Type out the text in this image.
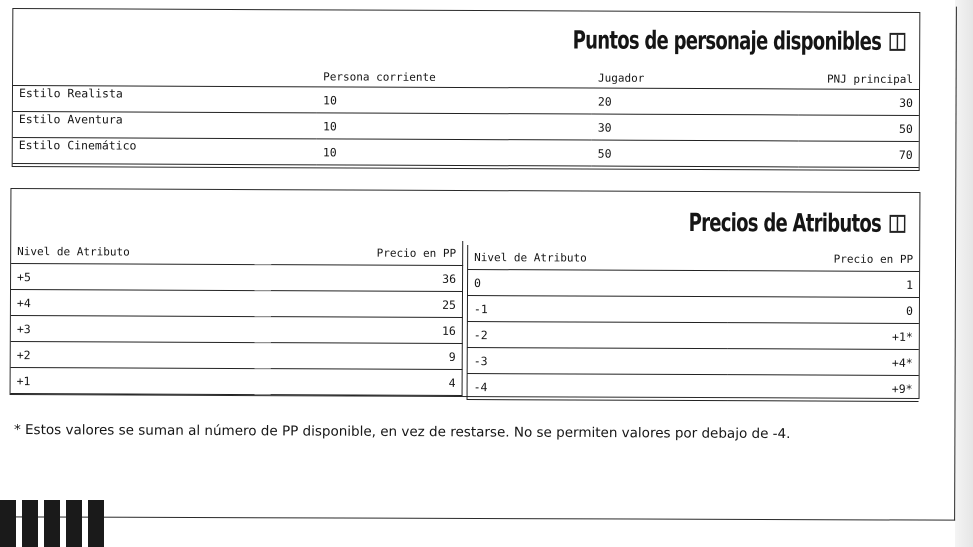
Puntos de personaje disponibles
	Persona corriente	Jugador	PNJ principal
Estilo Realista	10	20	30
Estilo Aventura	10	30	50
Estilo Cinemático	10	50	70
Precios de Atributos
Nivel de Atributo	Precio en PP
+5	36
+4	25
+3	16
+2	9
+1	4
Nivel de Atributo	Precio en PP
0	1
-1	0
-2	+1*
-3	+4*
-4	+9*
* Estos valores se suman al número de PP disponible, en vez de restarse. No se permiten valores por debajo de -4.
